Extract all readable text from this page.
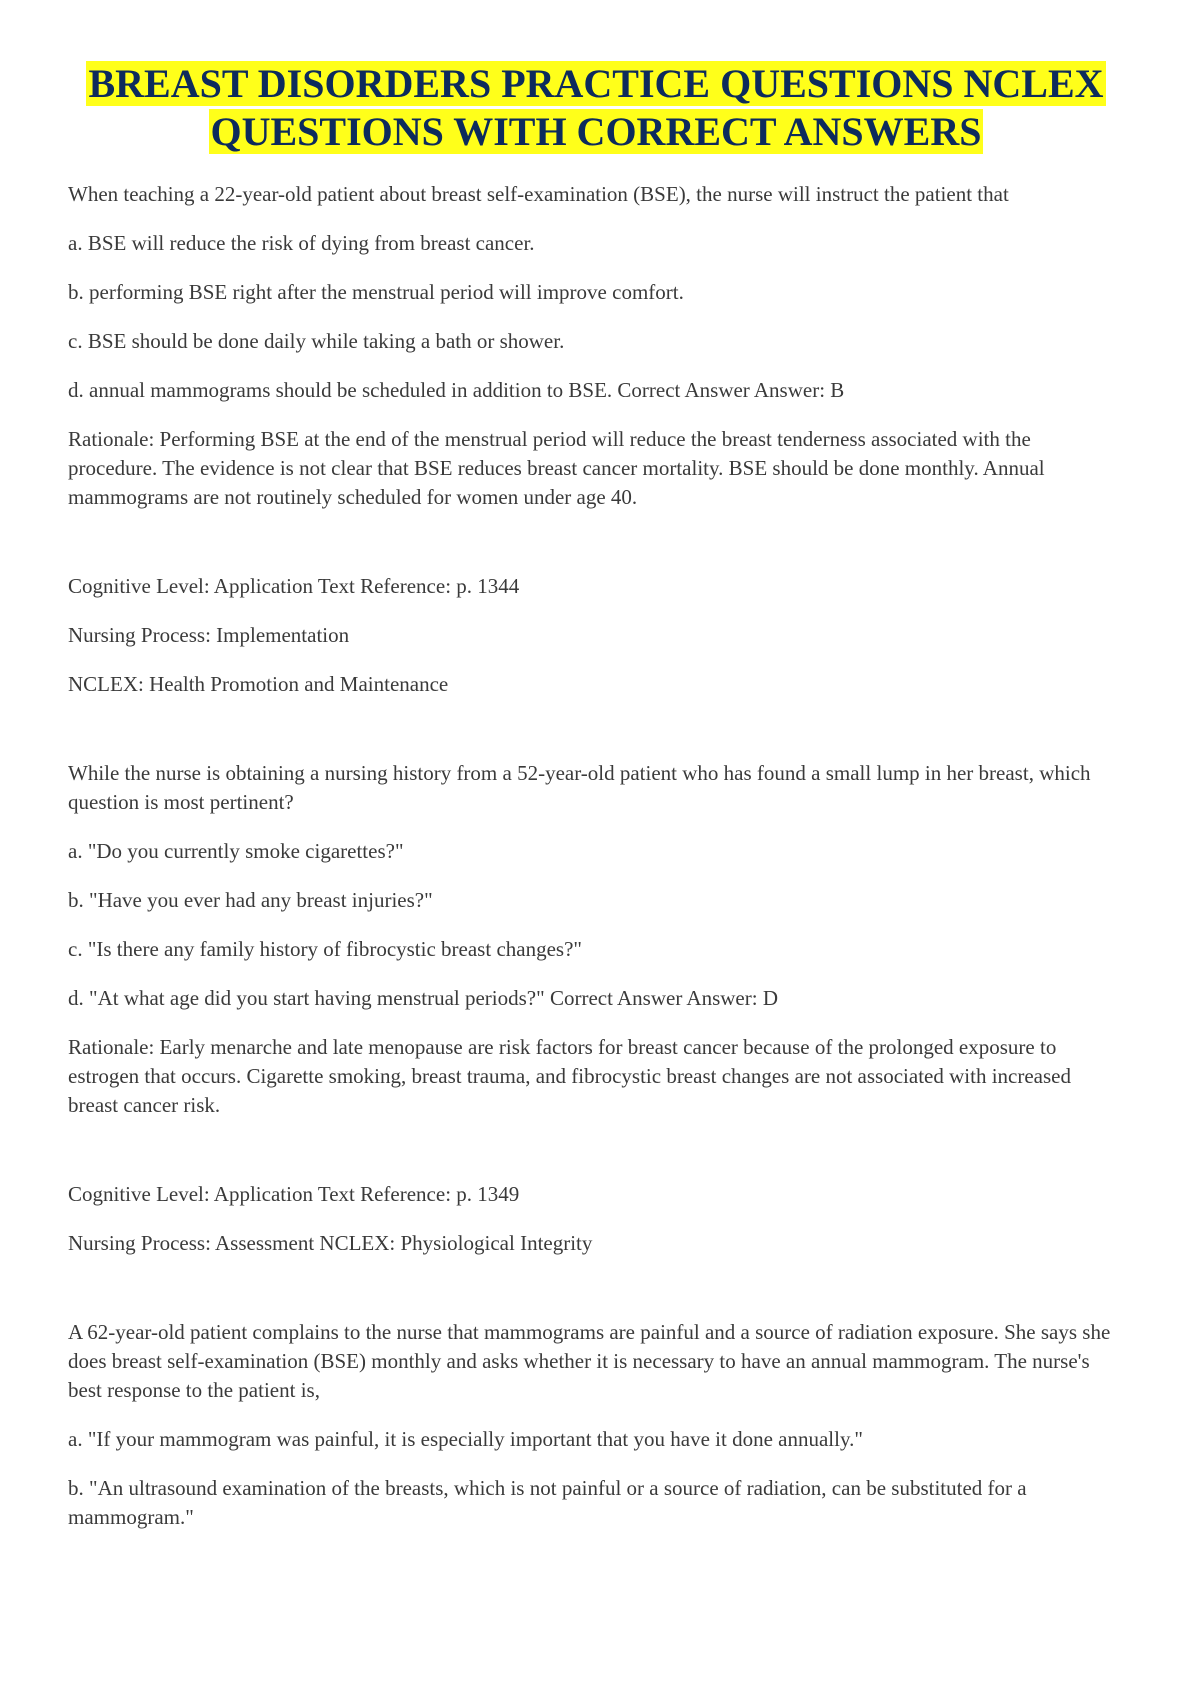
BREAST DISORDERS PRACTICE QUESTIONS NCLEX
QUESTIONS WITH CORRECT ANSWERS

When teaching a 22-year-old patient about breast self-examination (BSE), the nurse will instruct the patient that

a. BSE will reduce the risk of dying from breast cancer.

b. performing BSE right after the menstrual period will improve comfort.

c. BSE should be done daily while taking a bath or shower.

d. annual mammograms should be scheduled in addition to BSE. Correct Answer Answer: B

Rationale: Performing BSE at the end of the menstrual period will reduce the breast tenderness associated with the procedure. The evidence is not clear that BSE reduces breast cancer mortality. BSE should be done monthly. Annual mammograms are not routinely scheduled for women under age 40.

Cognitive Level: Application Text Reference: p. 1344

Nursing Process: Implementation

NCLEX: Health Promotion and Maintenance

While the nurse is obtaining a nursing history from a 52-year-old patient who has found a small lump in her breast, which question is most pertinent?

a. "Do you currently smoke cigarettes?"

b. "Have you ever had any breast injuries?"

c. "Is there any family history of fibrocystic breast changes?"

d. "At what age did you start having menstrual periods?" Correct Answer Answer: D

Rationale: Early menarche and late menopause are risk factors for breast cancer because of the prolonged exposure to estrogen that occurs. Cigarette smoking, breast trauma, and fibrocystic breast changes are not associated with increased breast cancer risk.

Cognitive Level: Application Text Reference: p. 1349

Nursing Process: Assessment NCLEX: Physiological Integrity

A 62-year-old patient complains to the nurse that mammograms are painful and a source of radiation exposure. She says she does breast self-examination (BSE) monthly and asks whether it is necessary to have an annual mammogram. The nurse's best response to the patient is,

a. "If your mammogram was painful, it is especially important that you have it done annually."

b. "An ultrasound examination of the breasts, which is not painful or a source of radiation, can be substituted for a mammogram."
